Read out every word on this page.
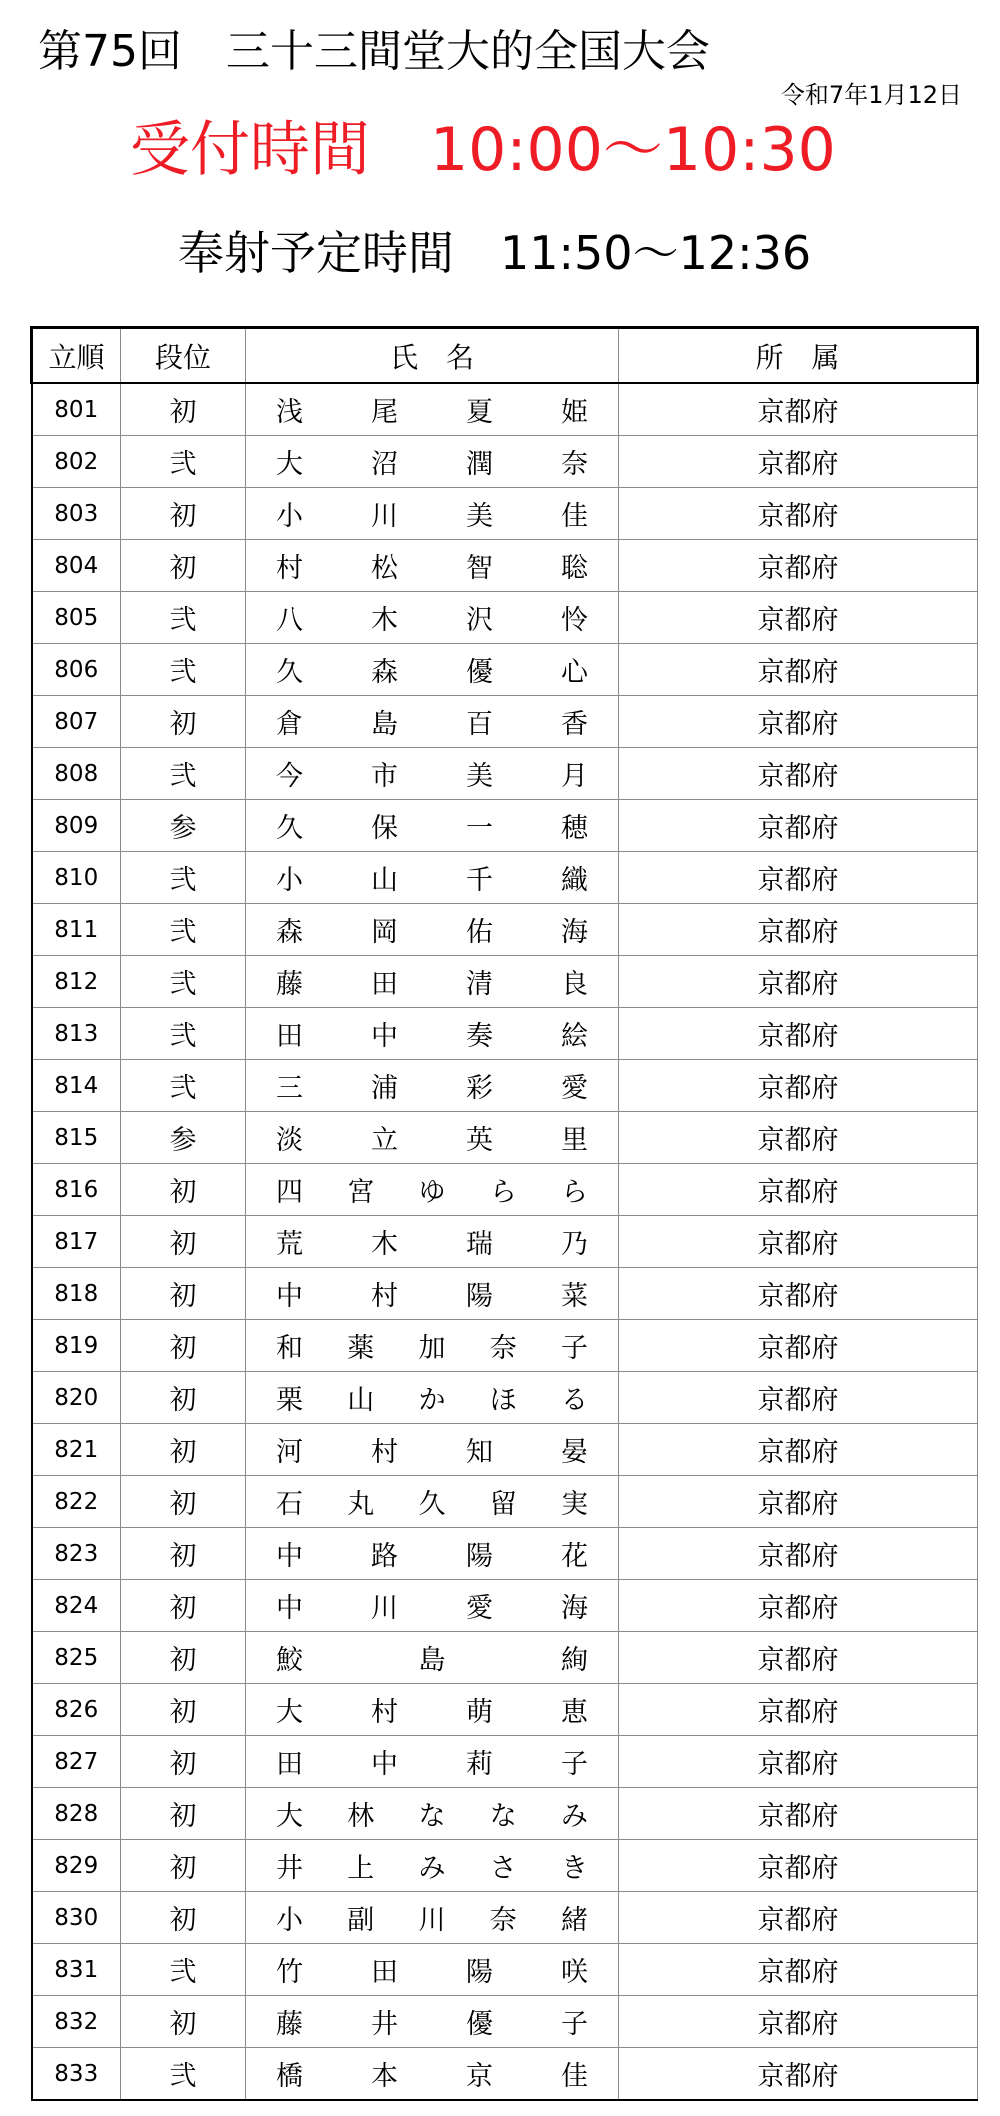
第75回　三十三間堂大的全国大会
令和7年1月12日
受付時間　10:00～10:30
奉射予定時間　11:50～12:36
立順	段位	氏　名	所　属
801	初	浅 尾 夏 姫	京都府
802	弐	大 沼 潤 奈	京都府
803	初	小 川 美 佳	京都府
804	初	村 松 智 聡	京都府
805	弐	八 木 沢 怜	京都府
806	弐	久 森 優 心	京都府
807	初	倉 島 百 香	京都府
808	弐	今 市 美 月	京都府
809	参	久 保 一 穂	京都府
810	弐	小 山 千 織	京都府
811	弐	森 岡 佑 海	京都府
812	弐	藤 田 清 良	京都府
813	弐	田 中 奏 絵	京都府
814	弐	三 浦 彩 愛	京都府
815	参	淡 立 英 里	京都府
816	初	四 宮 ゆ ら ら	京都府
817	初	荒 木 瑞 乃	京都府
818	初	中 村 陽 菜	京都府
819	初	和 薬 加 奈 子	京都府
820	初	栗 山 か ほ る	京都府
821	初	河 村 知 晏	京都府
822	初	石 丸 久 留 実	京都府
823	初	中 路 陽 花	京都府
824	初	中 川 愛 海	京都府
825	初	鮫 島 絢	京都府
826	初	大 村 萌 恵	京都府
827	初	田 中 莉 子	京都府
828	初	大 林 な な み	京都府
829	初	井 上 み さ き	京都府
830	初	小 副 川 奈 緒	京都府
831	弐	竹 田 陽 咲	京都府
832	初	藤 井 優 子	京都府
833	弐	橋 本 京 佳	京都府
